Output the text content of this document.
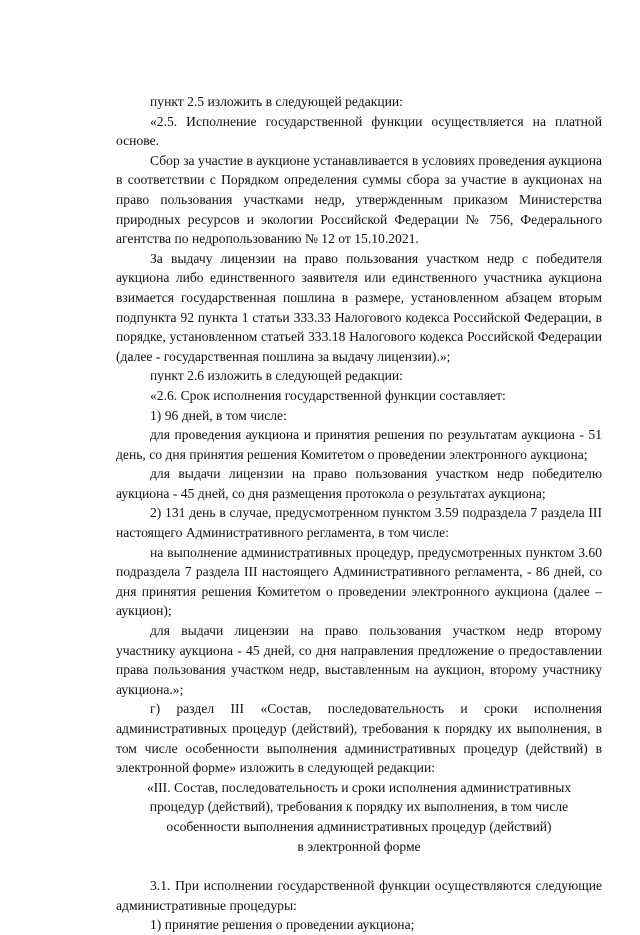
пункт 2.5 изложить в следующей редакции:

«2.5. Исполнение государственной функции осуществляется на платной основе.

Сбор за участие в аукционе устанавливается в условиях проведения аукциона в соответствии с Порядком определения суммы сбора за участие в аукционах на право пользования участками недр, утвержденным приказом Министерства природных ресурсов и экологии Российской Федерации № 756, Федерального агентства по недропользованию № 12 от 15.10.2021.

За выдачу лицензии на право пользования участком недр с победителя аукциона либо единственного заявителя или единственного участника аукциона взимается государственная пошлина в размере, установленном абзацем вторым подпункта 92 пункта 1 статьи 333.33 Налогового кодекса Российской Федерации, в порядке, установленном статьей 333.18 Налогового кодекса Российской Федерации (далее - государственная пошлина за выдачу лицензии).»;

пункт 2.6 изложить в следующей редакции:

«2.6. Срок исполнения государственной функции составляет:

1) 96 дней, в том числе:

для проведения аукциона и принятия решения по результатам аукциона - 51 день, со дня принятия решения Комитетом о проведении электронного аукциона;

для выдачи лицензии на право пользования участком недр победителю аукциона - 45 дней, со дня размещения протокола о результатах аукциона;

2) 131 день в случае, предусмотренном пунктом 3.59 подраздела 7 раздела III настоящего Административного регламента, в том числе:

на выполнение административных процедур, предусмотренных пунктом 3.60 подраздела 7 раздела III настоящего Административного регламента, - 86 дней, со дня принятия решения Комитетом о проведении электронного аукциона (далее – аукцион);

для выдачи лицензии на право пользования участком недр второму участнику аукциона - 45 дней, со дня направления предложение о предоставлении права пользования участком недр, выставленным на аукцион, второму участнику аукциона.»;

г) раздел III «Состав, последовательность и сроки исполнения административных процедур (действий), требования к порядку их выполнения, в том числе особенности выполнения административных процедур (действий) в электронной форме» изложить в следующей редакции:

«III. Состав, последовательность и сроки исполнения административных

процедур (действий), требования к порядку их выполнения, в том числе

особенности выполнения административных процедур (действий)

в электронной форме

3.1. При исполнении государственной функции осуществляются следующие административные процедуры:

1) принятие решения о проведении аукциона;
